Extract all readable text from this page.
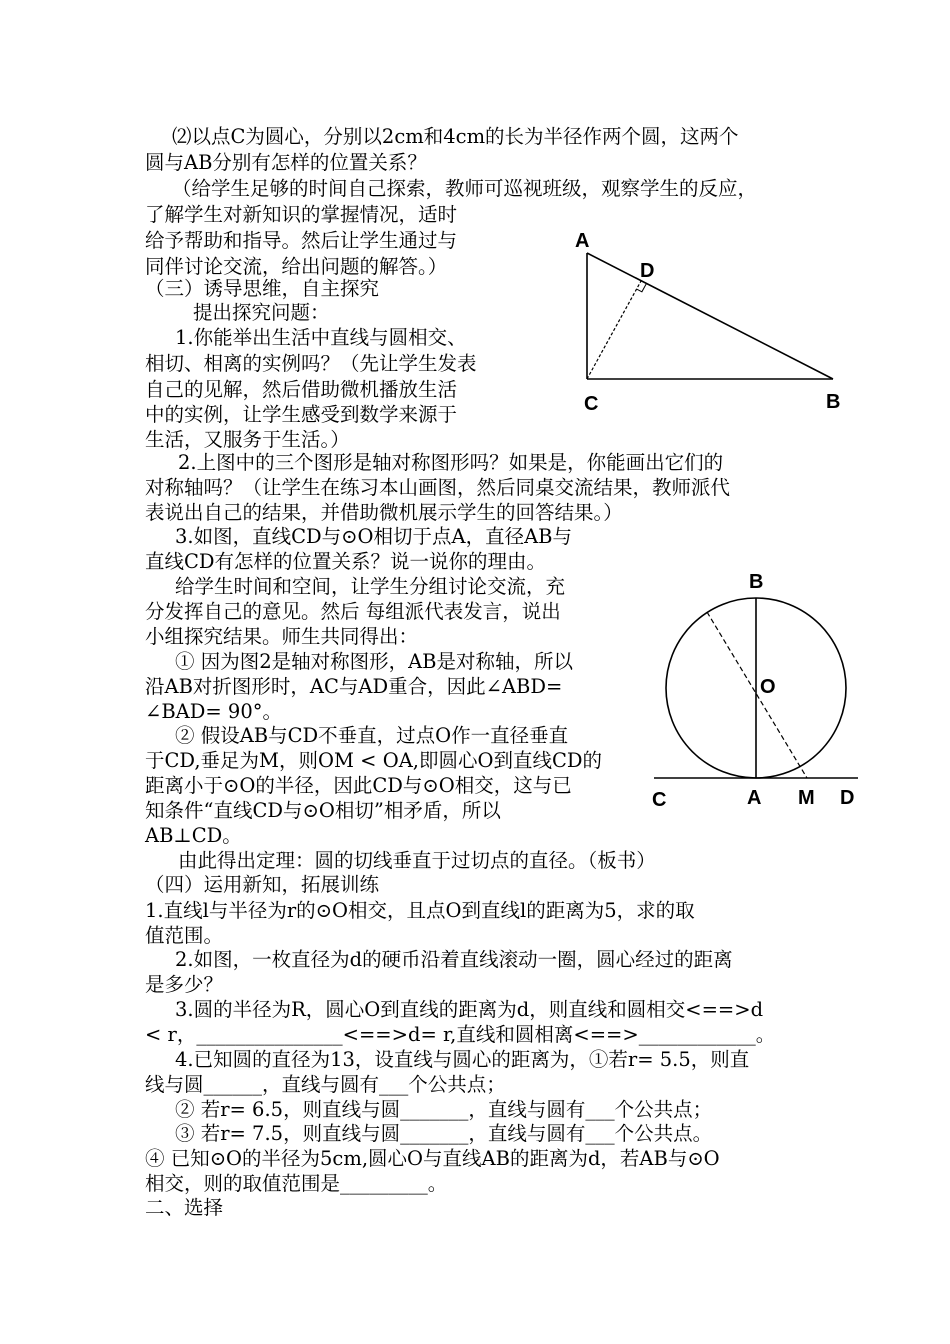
⑵以点C为圆心，分别以2cm和4cm的长为半径作两个圆，这两个
圆与AB分别有怎样的位置关系？
（给学生足够的时间自己探索，教师可巡视班级，观察学生的反应，
了解学生对新知识的掌握情况，适时
给予帮助和指导。然后让学生通过与
同伴讨论交流，给出问题的解答。）
（三）诱导思维，自主探究
提出探究问题：
1.你能举出生活中直线与圆相交、
相切、相离的实例吗？（先让学生发表
自己的见解，然后借助微机播放生活
中的实例，让学生感受到数学来源于
生活，又服务于生活。）
2.上图中的三个图形是轴对称图形吗？如果是，你能画出它们的
对称轴吗？（让学生在练习本山画图，然后同桌交流结果，教师派代
表说出自己的结果，并借助微机展示学生的回答结果。）
3.如图，直线CD与⊙O相切于点A，直径AB与
直线CD有怎样的位置关系？说一说你的理由。
给学生时间和空间，让学生分组讨论交流，充
分发挥自己的意见。然后 每组派代表发言，说出
小组探究结果。师生共同得出：
① 因为图2是轴对称图形，AB是对称轴，所以
沿AB对折图形时，AC与AD重合，因此∠ABD=
∠BAD= 90°。
② 假设AB与CD不垂直，过点O作一直径垂直
于CD,垂足为M，则OM < OA,即圆心O到直线CD的
距离小于⊙O的半径，因此CD与⊙O相交，这与已
知条件“直线CD与⊙O相切”相矛盾，所以
AB⊥CD。
由此得出定理：圆的切线垂直于过切点的直径。（板书）
（四）运用新知，拓展训练
1.直线l与半径为r的⊙O相交，且点O到直线l的距离为5，求的取
值范围。
2.如图，一枚直径为d的硬币沿着直线滚动一圈，圆心经过的距离
是多少？
3.圆的半径为R，圆心O到直线的距离为d，则直线和圆相交<==>d
< r，_______________<==>d= r,直线和圆相离<==>____________。
4.已知圆的直径为13，设直线与圆心的距离为，①若r= 5.5，则直
线与圆______，直线与圆有___个公共点；
② 若r= 6.5，则直线与圆_______，直线与圆有___个公共点；
③ 若r= 7.5，则直线与圆_______，直线与圆有___个公共点。
④ 已知⊙O的半径为5cm,圆心O与直线AB的距离为d，若AB与⊙O
相交，则的取值范围是_________。
二、选择
A
D
C	B
B
O
C	A M D
